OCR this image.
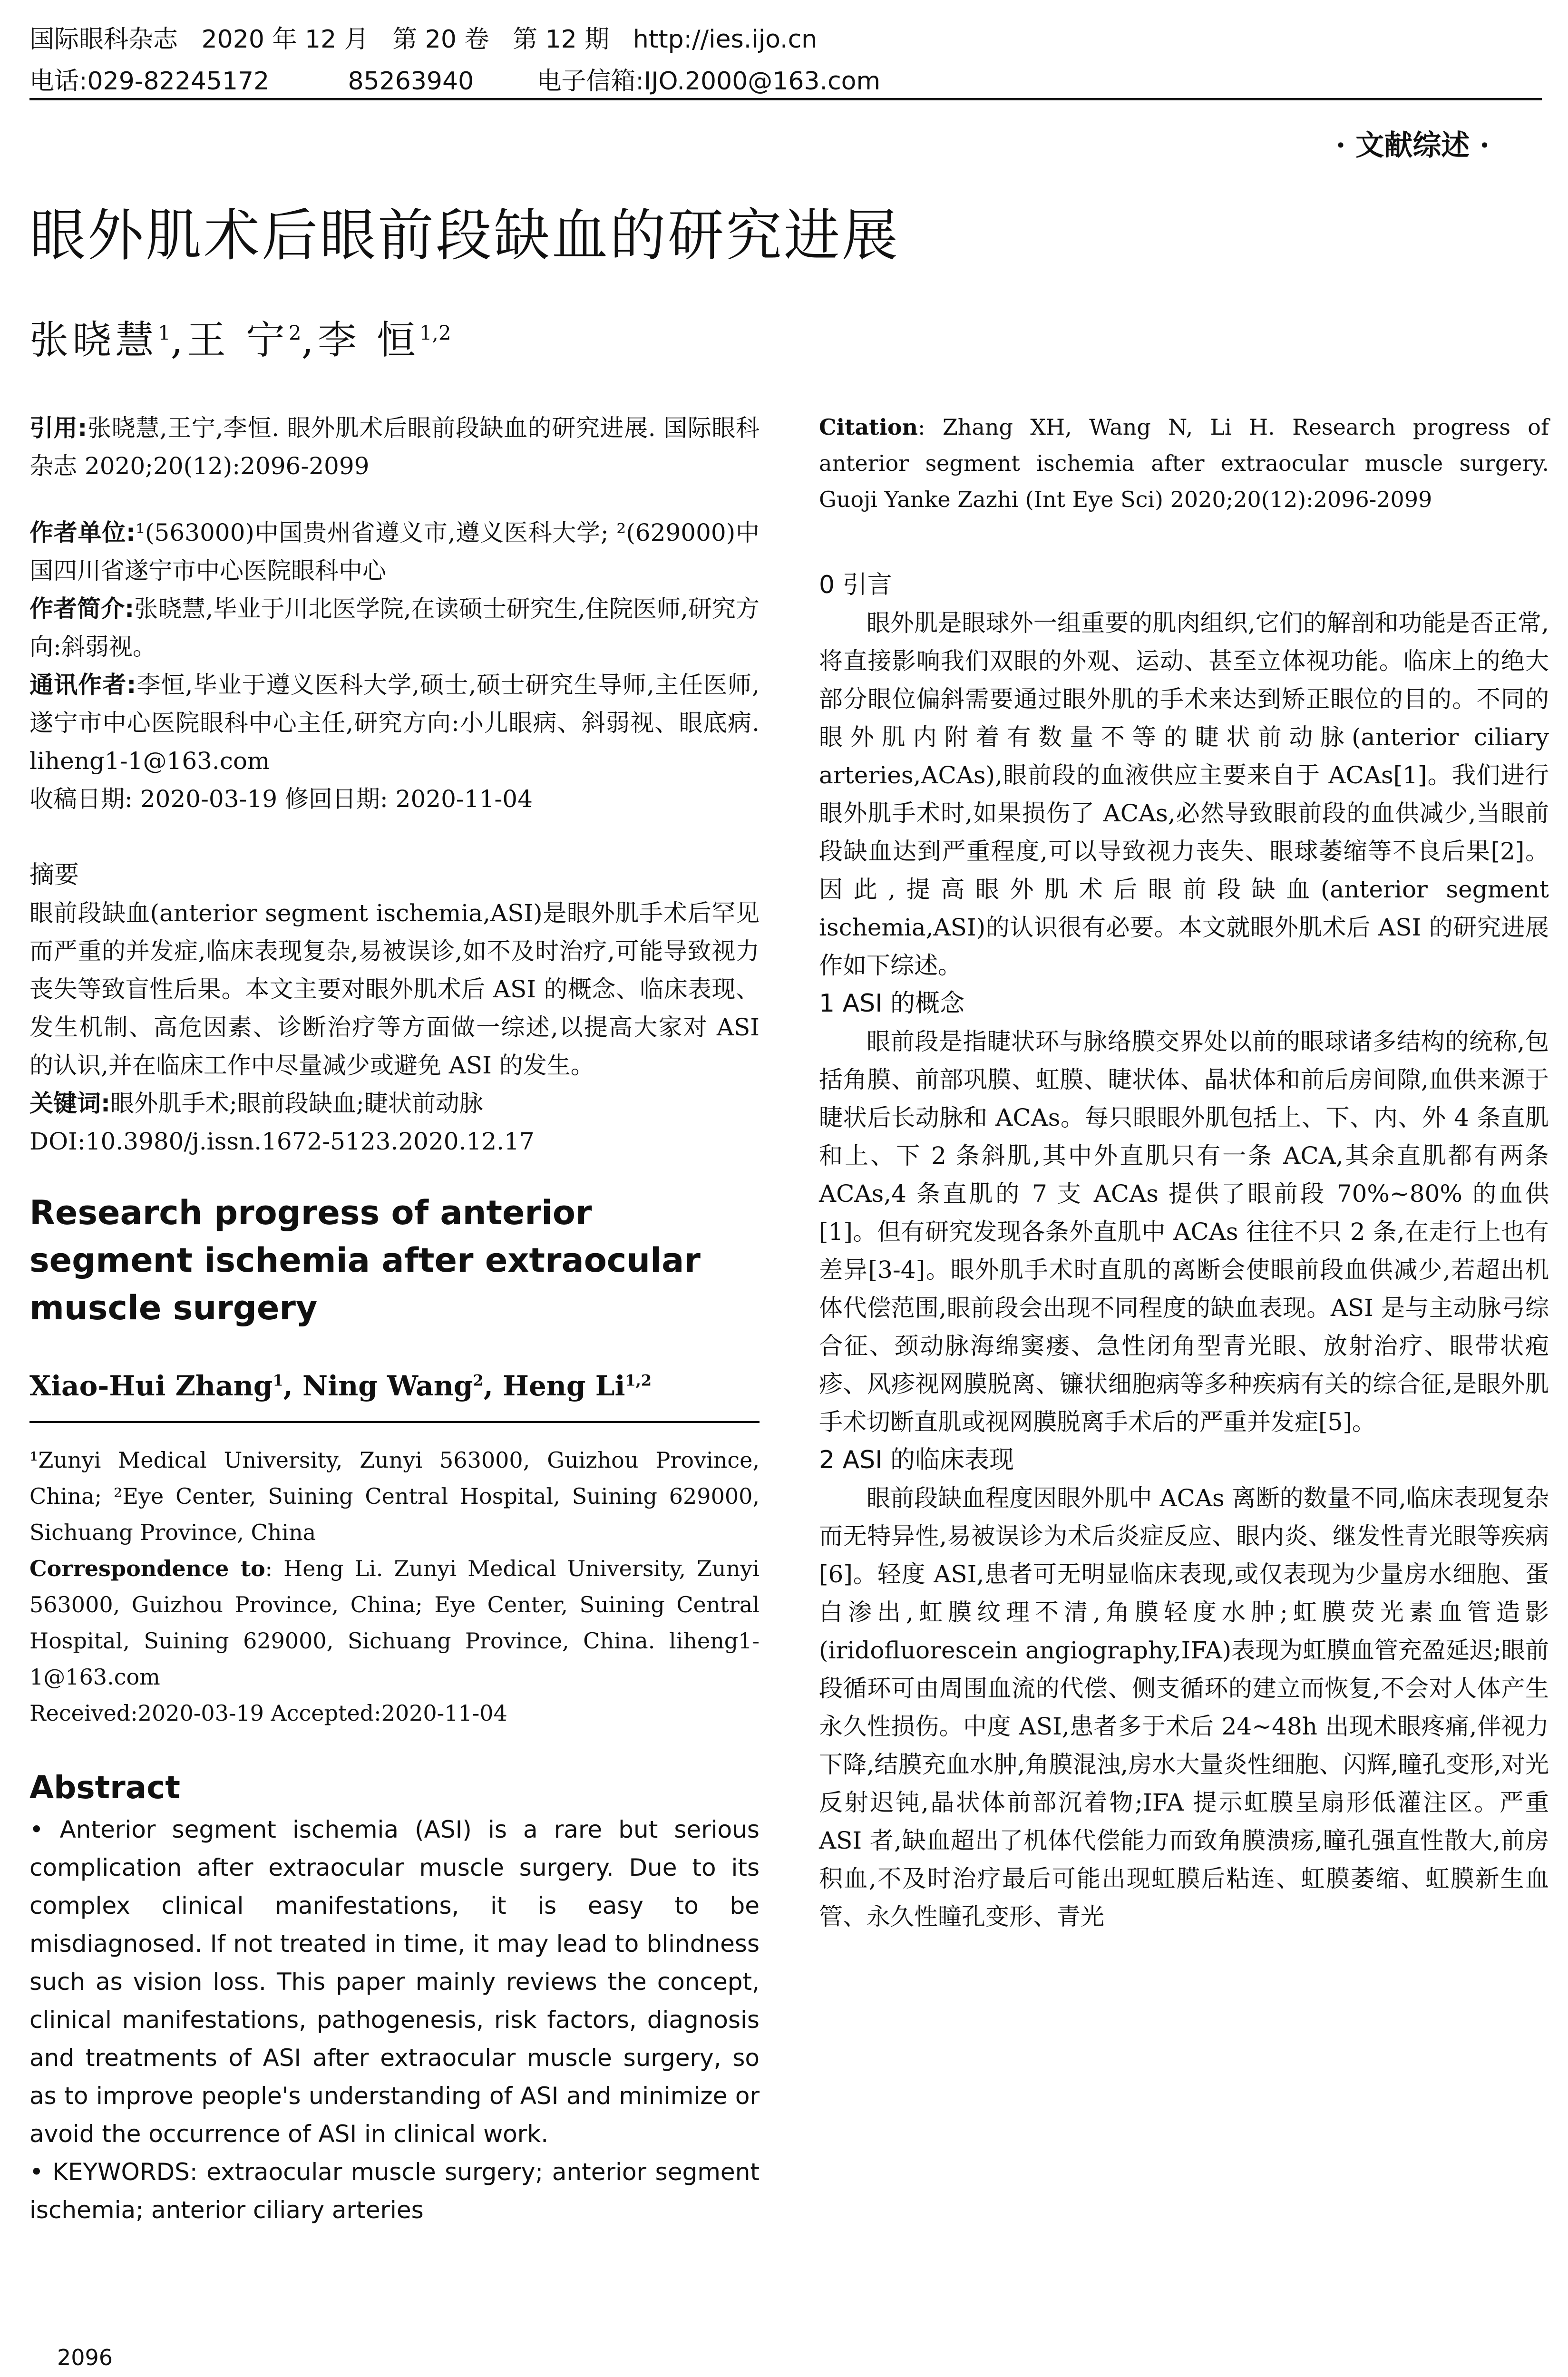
国际眼科杂志   2020 年 12 月   第 20 卷   第 12 期   http://ies.ijo.cn
电话:029-82245172          85263940        电子信箱:IJO.2000@163.com
· 文献综述 ·
眼外肌术后眼前段缺血的研究进展
张晓慧$^1$,王 宁$^2$,李 恒$^{1,2}$

引用:张晓慧,王宁,李恒. 眼外肌术后眼前段缺血的研究进展. 国际眼科杂志 2020;20(12):2096-2099

作者单位:¹(563000)中国贵州省遵义市,遵义医科大学; ²(629000)中国四川省遂宁市中心医院眼科中心

作者简介:张晓慧,毕业于川北医学院,在读硕士研究生,住院医师,研究方向:斜弱视。

通讯作者:李恒,毕业于遵义医科大学,硕士,硕士研究生导师,主任医师,遂宁市中心医院眼科中心主任,研究方向:小儿眼病、斜弱视、眼底病. liheng1-1@163.com

收稿日期: 2020-03-19 修回日期: 2020-11-04

摘要

眼前段缺血(anterior segment ischemia,ASI)是眼外肌手术后罕见而严重的并发症,临床表现复杂,易被误诊,如不及时治疗,可能导致视力丧失等致盲性后果。本文主要对眼外肌术后 ASI 的概念、临床表现、发生机制、高危因素、诊断治疗等方面做一综述,以提高大家对 ASI 的认识,并在临床工作中尽量减少或避免 ASI 的发生。

关键词:眼外肌手术;眼前段缺血;睫状前动脉

DOI:10.3980/j.issn.1672-5123.2020.12.17

Research progress of anterior segment ischemia after extraocular muscle surgery
Xiao-Hui Zhang$^1$, Ning Wang$^2$, Heng Li$^{1,2}$

¹Zunyi Medical University, Zunyi 563000, Guizhou Province, China; ²Eye Center, Suining Central Hospital, Suining 629000, Sichuang Province, China

Correspondence to: Heng Li. Zunyi Medical University, Zunyi 563000, Guizhou Province, China; Eye Center, Suining Central Hospital, Suining 629000, Sichuang Province, China. liheng1-1@163.com

Received:2020-03-19 Accepted:2020-11-04

Abstract

• Anterior segment ischemia (ASI) is a rare but serious complication after extraocular muscle surgery. Due to its complex clinical manifestations, it is easy to be misdiagnosed. If not treated in time, it may lead to blindness such as vision loss. This paper mainly reviews the concept, clinical manifestations, pathogenesis, risk factors, diagnosis and treatments of ASI after extraocular muscle surgery, so as to improve people's understanding of ASI and minimize or avoid the occurrence of ASI in clinical work.

• KEYWORDS: extraocular muscle surgery; anterior segment ischemia; anterior ciliary arteries

Citation: Zhang XH, Wang N, Li H. Research progress of anterior segment ischemia after extraocular muscle surgery. Guoji Yanke Zazhi (Int Eye Sci) 2020;20(12):2096-2099

0 引言

眼外肌是眼球外一组重要的肌肉组织,它们的解剖和功能是否正常,将直接影响我们双眼的外观、运动、甚至立体视功能。临床上的绝大部分眼位偏斜需要通过眼外肌的手术来达到矫正眼位的目的。不同的眼外肌内附着有数量不等的睫状前动脉(anterior ciliary arteries,ACAs),眼前段的血液供应主要来自于 ACAs[1]。我们进行眼外肌手术时,如果损伤了 ACAs,必然导致眼前段的血供减少,当眼前段缺血达到严重程度,可以导致视力丧失、眼球萎缩等不良后果[2]。因此,提高眼外肌术后眼前段缺血(anterior segment ischemia,ASI)的认识很有必要。本文就眼外肌术后 ASI 的研究进展作如下综述。

1 ASI 的概念

眼前段是指睫状环与脉络膜交界处以前的眼球诸多结构的统称,包括角膜、前部巩膜、虹膜、睫状体、晶状体和前后房间隙,血供来源于睫状后长动脉和 ACAs。每只眼眼外肌包括上、下、内、外 4 条直肌和上、下 2 条斜肌,其中外直肌只有一条 ACA,其余直肌都有两条 ACAs,4 条直肌的 7 支 ACAs 提供了眼前段 70%~80% 的血供[1]。但有研究发现各条外直肌中 ACAs 往往不只 2 条,在走行上也有差异[3-4]。眼外肌手术时直肌的离断会使眼前段血供减少,若超出机体代偿范围,眼前段会出现不同程度的缺血表现。ASI 是与主动脉弓综合征、颈动脉海绵窦瘘、急性闭角型青光眼、放射治疗、眼带状疱疹、风疹视网膜脱离、镰状细胞病等多种疾病有关的综合征,是眼外肌手术切断直肌或视网膜脱离手术后的严重并发症[5]。

2 ASI 的临床表现

眼前段缺血程度因眼外肌中 ACAs 离断的数量不同,临床表现复杂而无特异性,易被误诊为术后炎症反应、眼内炎、继发性青光眼等疾病[6]。轻度 ASI,患者可无明显临床表现,或仅表现为少量房水细胞、蛋白渗出,虹膜纹理不清,角膜轻度水肿;虹膜荧光素血管造影(iridofluorescein angiography,IFA)表现为虹膜血管充盈延迟;眼前段循环可由周围血流的代偿、侧支循环的建立而恢复,不会对人体产生永久性损伤。中度 ASI,患者多于术后 24~48h 出现术眼疼痛,伴视力下降,结膜充血水肿,角膜混浊,房水大量炎性细胞、闪辉,瞳孔变形,对光反射迟钝,晶状体前部沉着物;IFA 提示虹膜呈扇形低灌注区。严重 ASI 者,缺血超出了机体代偿能力而致角膜溃疡,瞳孔强直性散大,前房积血,不及时治疗最后可能出现虹膜后粘连、虹膜萎缩、虹膜新生血管、永久性瞳孔变形、青光

2096
